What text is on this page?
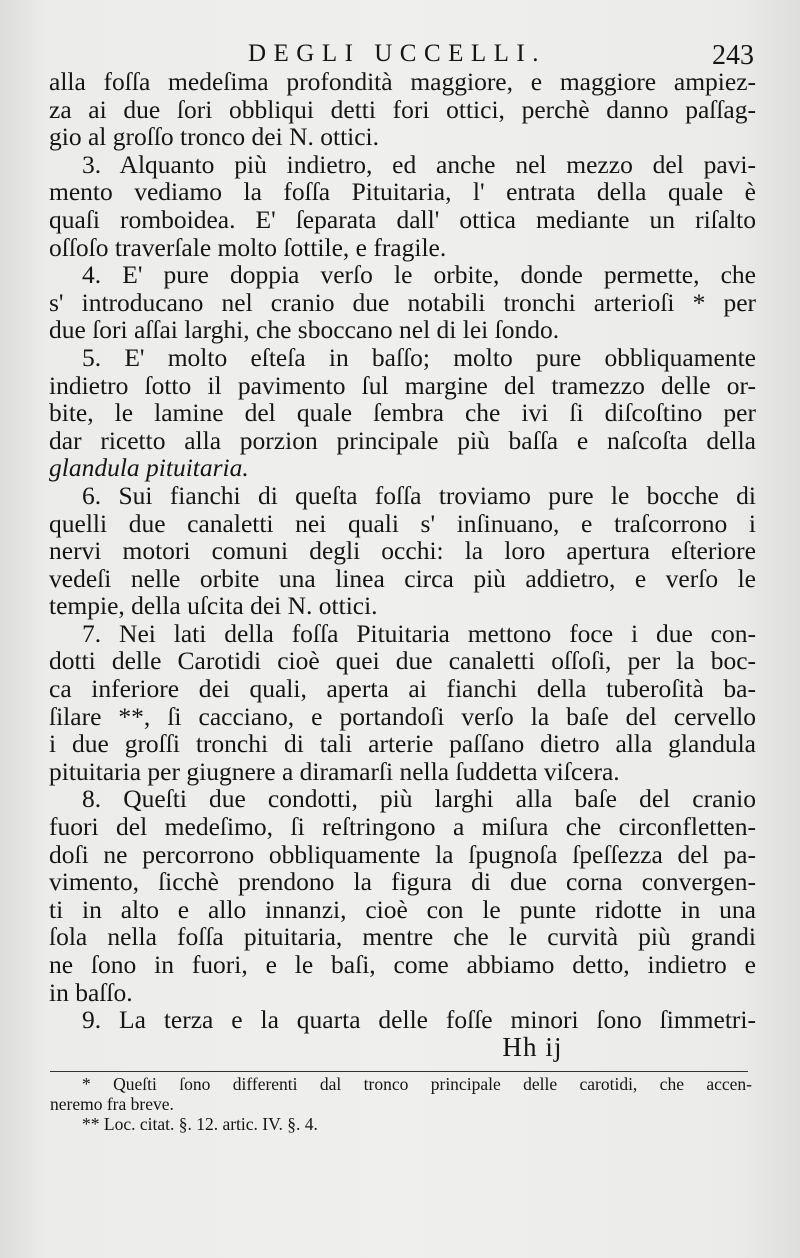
DEGLI UCCELLI.	243
alla foſſa medeſima profondità maggiore, e maggiore ampiez-
za ai due ſori obbliqui detti fori ottici, perchè danno paſſag-
gio al groſſo tronco dei N. ottici.
3. Alquanto più indietro, ed anche nel mezzo del pavi-
mento vediamo la foſſa Pituitaria, l' entrata della quale è
quaſi romboidea. E' ſeparata dall' ottica mediante un riſalto
oſſoſo traverſale molto ſottile, e fragile.
4. E' pure doppia verſo le orbite, donde permette, che
s' introducano nel cranio due notabili tronchi arterioſi * per
due ſori aſſai larghi, che sboccano nel di lei ſondo.
5. E' molto eſteſa in baſſo; molto pure obbliquamente
indietro ſotto il pavimento ſul margine del tramezzo delle or-
bite, le lamine del quale ſembra che ivi ſi diſcoſtino per
dar ricetto alla porzion principale più baſſa e naſcoſta della
glandula pituitaria.
6. Sui fianchi di queſta foſſa troviamo pure le bocche di
quelli due canaletti nei quali s' inſinuano, e traſcorrono i
nervi motori comuni degli occhi: la loro apertura eſteriore
vedeſi nelle orbite una linea circa più addietro, e verſo le
tempie, della uſcita dei N. ottici.
7. Nei lati della foſſa Pituitaria mettono foce i due con-
dotti delle Carotidi cioè quei due canaletti oſſoſi, per la boc-
ca inferiore dei quali, aperta ai fianchi della tuberoſità ba-
ſilare **, ſi cacciano, e portandoſi verſo la baſe del cervello
i due groſſi tronchi di tali arterie paſſano dietro alla glandula
pituitaria per giugnere a diramarſi nella ſuddetta viſcera.
8. Queſti due condotti, più larghi alla baſe del cranio
fuori del medeſimo, ſi reſtringono a miſura che circonfletten-
doſi ne percorrono obbliquamente la ſpugnoſa ſpeſſezza del pa-
vimento, ſicchè prendono la figura di due corna convergen-
ti in alto e allo innanzi, cioè con le punte ridotte in una
ſola nella foſſa pituitaria, mentre che le curvità più grandi
ne ſono in fuori, e le baſi, come abbiamo detto, indietro e
in baſſo.
9. La terza e la quarta delle foſſe minori ſono ſimmetri-
Hh ij
* Queſti ſono differenti dal tronco principale delle carotidi, che accen-
neremo fra breve.
** Loc. citat. §. 12. artic. IV. §. 4.
